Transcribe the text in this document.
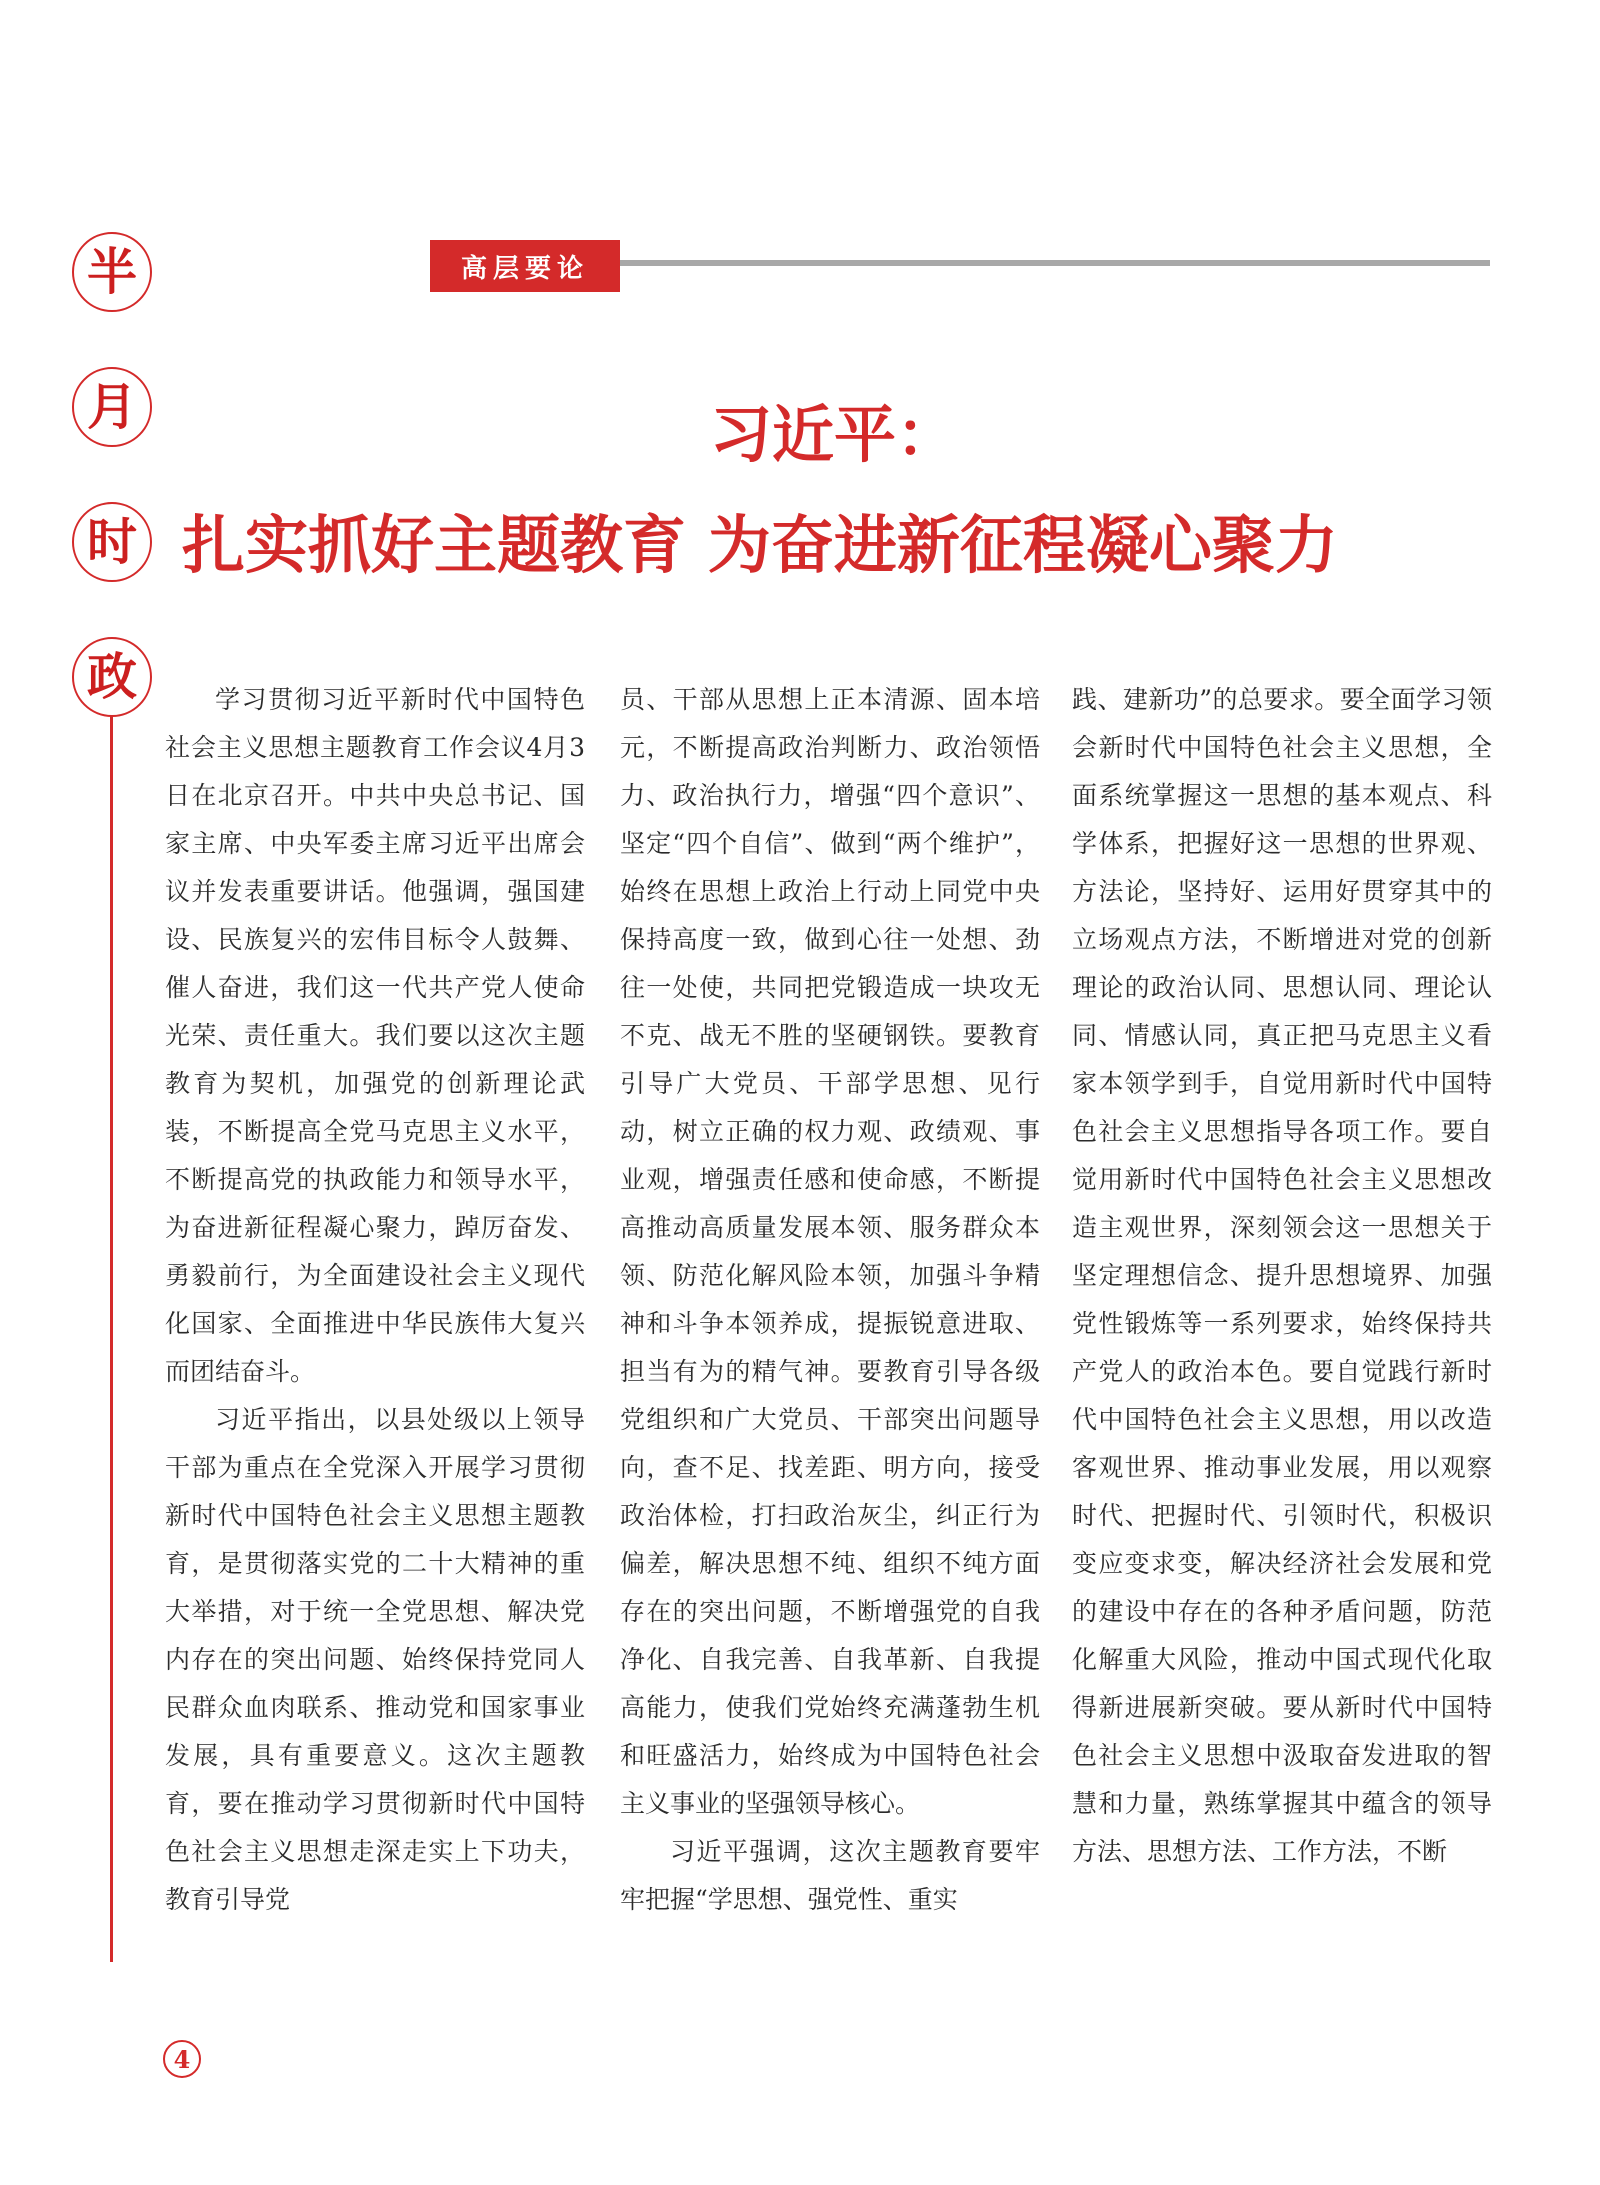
半
月
时
政
高层要论
习近平：
扎实抓好主题教育 为奋进新征程凝心聚力

学习贯彻习近平新时代中国特色社会主义思想主题教育工作会议4月3日在北京召开。中共中央总书记、国家主席、中央军委主席习近平出席会议并发表重要讲话。他强调，强国建设、民族复兴的宏伟目标令人鼓舞、催人奋进，我们这一代共产党人使命光荣、责任重大。我们要以这次主题教育为契机，加强党的创新理论武装，不断提高全党马克思主义水平，不断提高党的执政能力和领导水平，为奋进新征程凝心聚力，踔厉奋发、勇毅前行，为全面建设社会主义现代化国家、全面推进中华民族伟大复兴而团结奋斗。

习近平指出，以县处级以上领导干部为重点在全党深入开展学习贯彻新时代中国特色社会主义思想主题教育，是贯彻落实党的二十大精神的重大举措，对于统一全党思想、解决党内存在的突出问题、始终保持党同人民群众血肉联系、推动党和国家事业发展，具有重要意义。这次主题教育，要在推动学习贯彻新时代中国特色社会主义思想走深走实上下功夫，教育引导党

员、干部从思想上正本清源、固本培元，不断提高政治判断力、政治领悟力、政治执行力，增强“四个意识”、坚定“四个自信”、做到“两个维护”，始终在思想上政治上行动上同党中央保持高度一致，做到心往一处想、劲往一处使，共同把党锻造成一块攻无不克、战无不胜的坚硬钢铁。要教育引导广大党员、干部学思想、见行动，树立正确的权力观、政绩观、事业观，增强责任感和使命感，不断提高推动高质量发展本领、服务群众本领、防范化解风险本领，加强斗争精神和斗争本领养成，提振锐意进取、担当有为的精气神。要教育引导各级党组织和广大党员、干部突出问题导向，查不足、找差距、明方向，接受政治体检，打扫政治灰尘，纠正行为偏差，解决思想不纯、组织不纯方面存在的突出问题，不断增强党的自我净化、自我完善、自我革新、自我提高能力，使我们党始终充满蓬勃生机和旺盛活力，始终成为中国特色社会主义事业的坚强领导核心。

习近平强调，这次主题教育要牢牢把握“学思想、强党性、重实

践、建新功”的总要求。要全面学习领会新时代中国特色社会主义思想，全面系统掌握这一思想的基本观点、科学体系，把握好这一思想的世界观、方法论，坚持好、运用好贯穿其中的立场观点方法，不断增进对党的创新理论的政治认同、思想认同、理论认同、情感认同，真正把马克思主义看家本领学到手，自觉用新时代中国特色社会主义思想指导各项工作。要自觉用新时代中国特色社会主义思想改造主观世界，深刻领会这一思想关于坚定理想信念、提升思想境界、加强党性锻炼等一系列要求，始终保持共产党人的政治本色。要自觉践行新时代中国特色社会主义思想，用以改造客观世界、推动事业发展，用以观察时代、把握时代、引领时代，积极识变应变求变，解决经济社会发展和党的建设中存在的各种矛盾问题，防范化解重大风险，推动中国式现代化取得新进展新突破。要从新时代中国特色社会主义思想中汲取奋发进取的智慧和力量，熟练掌握其中蕴含的领导方法、思想方法、工作方法，不断

4
